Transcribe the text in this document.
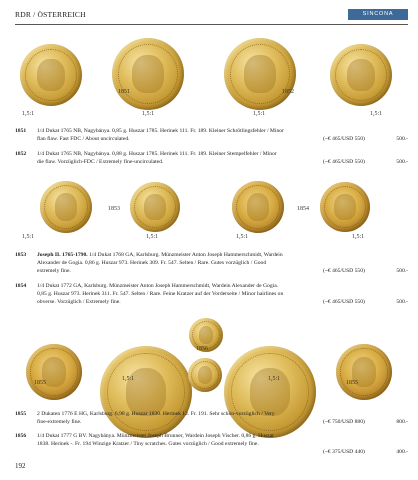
RDR / ÖSTERREICH	SINCONA
1851	1852
1,5:1	1,5:1	1,5:1	1,5:1
1851 1/4 Dukat 1765 NB, Nagybánya. 0,85 g. Huszar 1785. Herinek 111. Fr. 189. Kleiner Schrötlingsfehler / Minor
flan flaw. Fast FDC / About uncirculated.	(~€ 465/USD 550)	500.-
1852 1/4 Dukat 1765 NB, Nagybánya. 0,88 g. Huszar 1785. Herinek 111. Fr. 189. Kleiner Stempelfehler / Minor
die flaw. Vorzüglich-FDC / Extremely fine-uncirculated.	(~€ 465/USD 550)	500.-
1853	1854
1,5:1	1,5:1	1,5:1	1,5:1
1853 Joseph II. 1765-1790. 1/4 Dukat 1768 GA, Karlsburg. Münzmeister Anton Joseph Hammerschmidt, Wardein
Alexander de Gogia. 0,86 g. Huszar 973. Herinek 309. Fr. 547. Selten / Rare. Gutes vorzüglich / Good
extremely fine.	(~€ 465/USD 550)	500.-
1854 1/4 Dukat 1772 GA, Karlsburg. Münzmeister Anton Joseph Hammerschmidt, Wardein Alexander de Gogia.
0,85 g. Huszar 973. Herinek 311. Fr. 547. Selten / Rare. Feine Kratzer auf der Vorderseite / Minor hairlines on
obverse. Vorzüglich / Extremely fine.	(~€ 465/USD 550)	500.-
1856
1855	1855
1,5:1	1,5:1
1855 2 Dukaten 1776 E HG, Karlsburg. 6,98 g. Huszar 1830. Herinek 12. Fr. 191. Sehr schön-vorzüglich / Very
fine-extremely fine.	(~€ 750/USD 880)	800.-
1856 1/4 Dukat 1777 G BV. Nagybánya. Münzmeister Joseph Brunner, Wardein Joseph Vischer. 0,86 g. Huszar
1838. Herinek -. Fr. 194 Winzige Kratzer / Tiny scratches. Gutes vorzüglich / Good extremely fine.
(~€ 375/USD 440)	400.-
192
